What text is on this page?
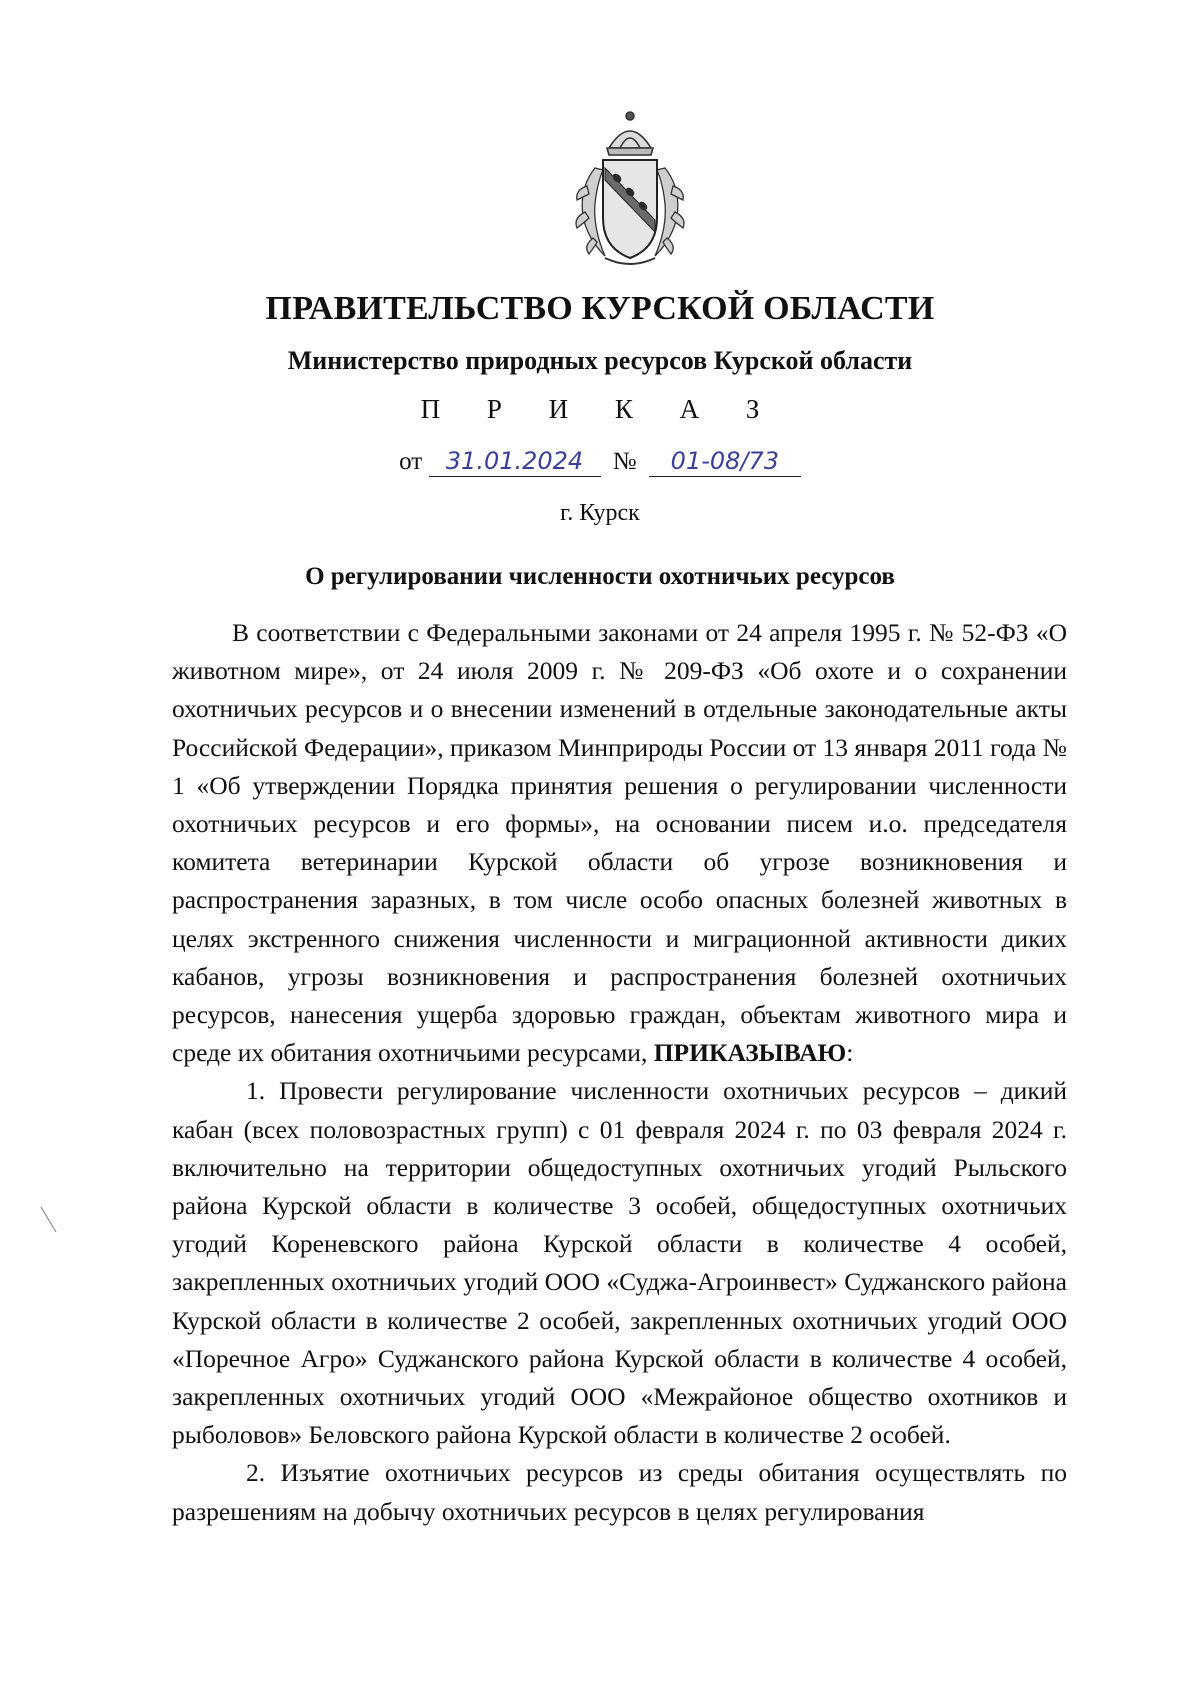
ПРАВИТЕЛЬСТВО КУРСКОЙ ОБЛАСТИ
Министерство природных ресурсов Курской области
П Р И К А З
от 31.01.2024 № 01-08/73
г. Курск
О регулировании численности охотничьих ресурсов

В соответствии с Федеральными законами от 24 апреля 1995 г. № 52-ФЗ «О животном мире», от 24 июля 2009 г. № 209-ФЗ «Об охоте и о сохранении охотничьих ресурсов и о внесении изменений в отдельные законодательные акты Российской Федерации», приказом Минприроды России от 13 января 2011 года № 1 «Об утверждении Порядка принятия решения о регулировании численности охотничьих ресурсов и его формы», на основании писем и.о. председателя комитета ветеринарии Курской области об угрозе возникновения и распространения заразных, в том числе особо опасных болезней животных в целях экстренного снижения численности и миграционной активности диких кабанов, угрозы возникновения и распространения болезней охотничьих ресурсов, нанесения ущерба здоровью граждан, объектам животного мира и среде их обитания охотничьими ресурсами, ПРИКАЗЫВАЮ:

1. Провести регулирование численности охотничьих ресурсов – дикий кабан (всех половозрастных групп) с 01 февраля 2024 г. по 03 февраля 2024 г. включительно на территории общедоступных охотничьих угодий Рыльского района Курской области в количестве 3 особей, общедоступных охотничьих угодий Кореневского района Курской области в количестве 4 особей, закрепленных охотничьих угодий ООО «Суджа-Агроинвест» Суджанского района Курской области в количестве 2 особей, закрепленных охотничьих угодий ООО «Поречное Агро» Суджанского района Курской области в количестве 4 особей, закрепленных охотничьих угодий ООО «Межрайоное общество охотников и рыболовов» Беловского района Курской области в количестве 2 особей.

2. Изъятие охотничьих ресурсов из среды обитания осуществлять по разрешениям на добычу охотничьих ресурсов в целях регулирования
